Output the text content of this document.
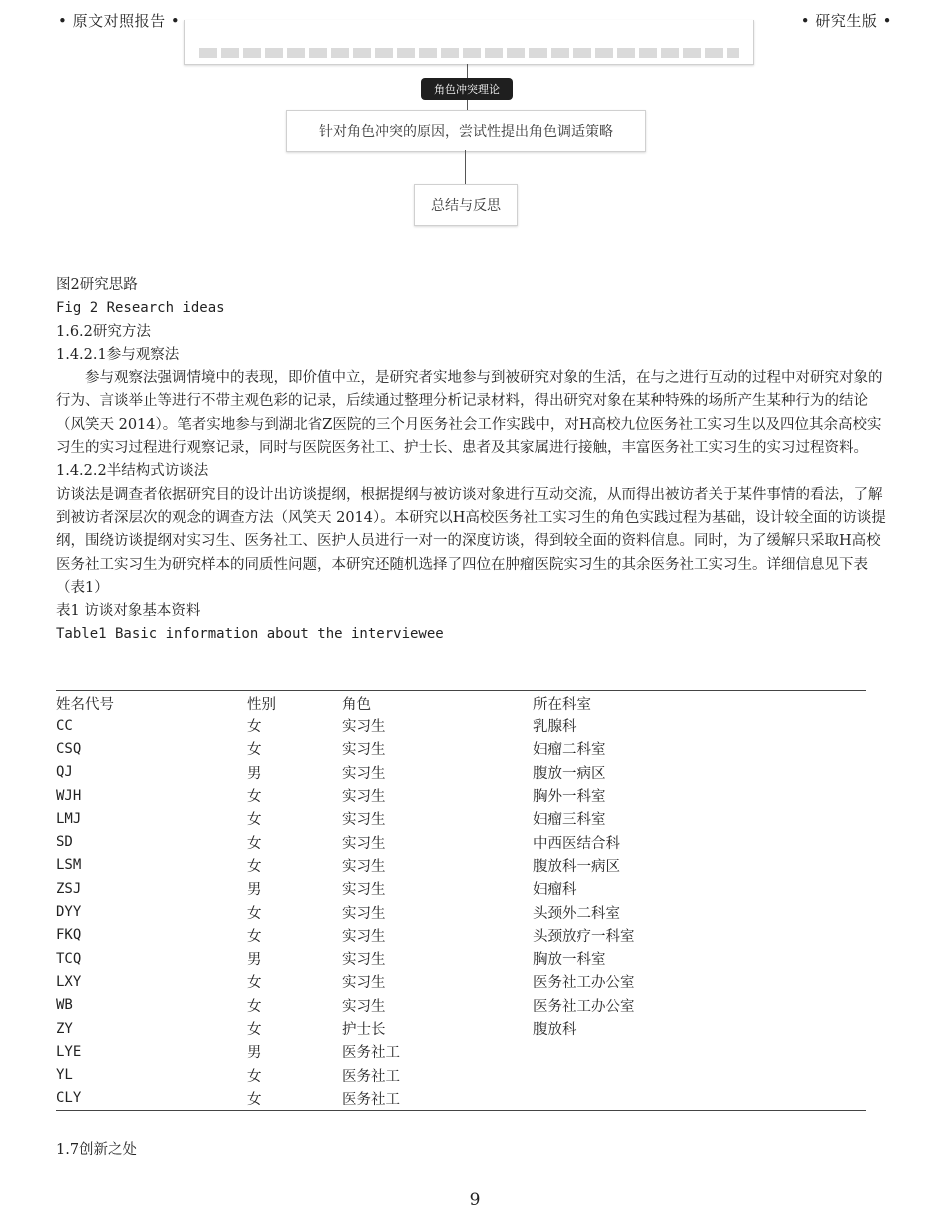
• 原文对照报告 •	• 研究生版 •
角色冲突理论
针对角色冲突的原因，尝试性提出角色调适策略
总结与反思

图2研究思路

Fig 2 Research ideas

1.6.2研究方法

1.4.2.1参与观察法

参与观察法强调情境中的表现，即价值中立，是研究者实地参与到被研究对象的生活，在与之进行互动的过程中对研究对象的行为、言谈举止等进行不带主观色彩的记录，后续通过整理分析记录材料，得出研究对象在某种特殊的场所产生某种行为的结论（风笑天 2014）。笔者实地参与到湖北省Z医院的三个月医务社会工作实践中，对H高校九位医务社工实习生以及四位其余高校实习生的实习过程进行观察记录，同时与医院医务社工、护士长、患者及其家属进行接触，丰富医务社工实习生的实习过程资料。

1.4.2.2半结构式访谈法

访谈法是调查者依据研究目的设计出访谈提纲，根据提纲与被访谈对象进行互动交流，从而得出被访者关于某件事情的看法，了解到被访者深层次的观念的调查方法（风笑天 2014）。本研究以H高校医务社工实习生的角色实践过程为基础，设计较全面的访谈提纲，围绕访谈提纲对实习生、医务社工、医护人员进行一对一的深度访谈，得到较全面的资料信息。同时，为了缓解只采取H高校医务社工实习生为研究样本的同质性问题，本研究还随机选择了四位在肿瘤医院实习生的其余医务社工实习生。详细信息见下表（表1）

表1 访谈对象基本资料

Table1 Basic information about the interviewee

姓名代号	性别	角色	所在科室
CC	女	实习生	乳腺科
CSQ	女	实习生	妇瘤二科室
QJ	男	实习生	腹放一病区
WJH	女	实习生	胸外一科室
LMJ	女	实习生	妇瘤三科室
SD	女	实习生	中西医结合科
LSM	女	实习生	腹放科一病区
ZSJ	男	实习生	妇瘤科
DYY	女	实习生	头颈外二科室
FKQ	女	实习生	头颈放疗一科室
TCQ	男	实习生	胸放一科室
LXY	女	实习生	医务社工办公室
WB	女	实习生	医务社工办公室
ZY	女	护士长	腹放科
LYE	男	医务社工	
YL	女	医务社工	
CLY	女	医务社工	
1.7创新之处
9
